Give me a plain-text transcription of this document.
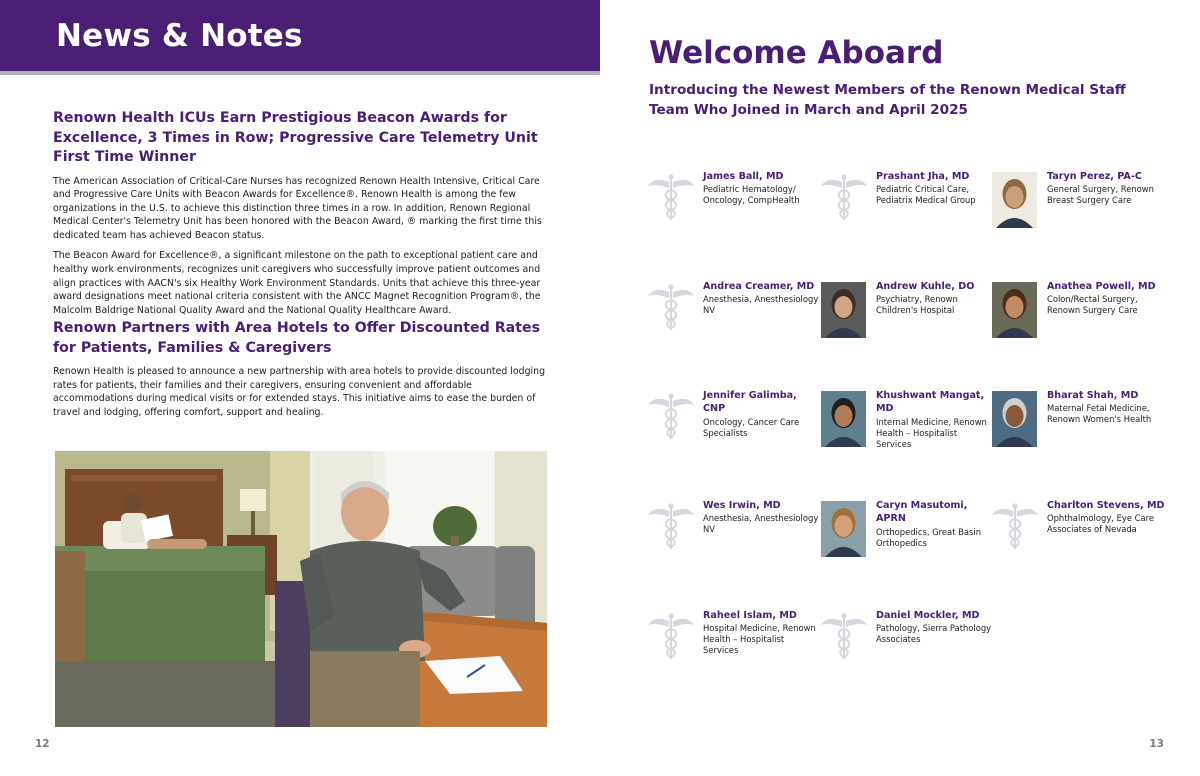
News & Notes
Renown Health ICUs Earn Prestigious Beacon Awards for Excellence, 3 Times in Row; Progressive Care Telemetry Unit First Time Winner

The American Association of Critical-Care Nurses has recognized Renown Health Intensive, Critical Care and Progressive Care Units with Beacon Awards for Excellence®. Renown Health is among the few organizations in the U.S. to achieve this distinction three times in a row. In addition, Renown Regional Medical Center's Telemetry Unit has been honored with the Beacon Award, ® marking the first time this dedicated team has achieved Beacon status.

The Beacon Award for Excellence®, a significant milestone on the path to exceptional patient care and healthy work environments, recognizes unit caregivers who successfully improve patient outcomes and align practices with AACN's six Healthy Work Environment Standards. Units that achieve this three-year award designations meet national criteria consistent with the ANCC Magnet Recognition Program®, the Malcolm Baldrige National Quality Award and the National Quality Healthcare Award.

Renown Partners with Area Hotels to Offer Discounted Rates for Patients, Families & Caregivers

Renown Health is pleased to announce a new partnership with area hotels to provide discounted lodging rates for patients, their families and their caregivers, ensuring convenient and affordable accommodations during medical visits or for extended stays. This initiative aims to ease the burden of travel and lodging, offering comfort, support and healing.

12
Welcome Aboard
Introducing the Newest Members of the Renown Medical Staff Team Who Joined in March and April 2025
James Ball, MD
Pediatric Hematology/ Oncology, CompHealth
Prashant Jha, MD
Pediatric Critical Care, Pediatrix Medical Group
Taryn Perez, PA-C
General Surgery, Renown Breast Surgery Care
Andrea Creamer, MD
Anesthesia, Anesthesiology NV
Andrew Kuhle, DO
Psychiatry, Renown Children's Hospital
Anathea Powell, MD
Colon/Rectal Surgery, Renown Surgery Care
Jennifer Galimba, CNP
Oncology, Cancer Care Specialists
Khushwant Mangat, MD
Internal Medicine, Renown Health – Hospitalist Services
Bharat Shah, MD
Maternal Fetal Medicine, Renown Women's Health
Wes Irwin, MD
Anesthesia, Anesthesiology NV
Caryn Masutomi, APRN
Orthopedics, Great Basin Orthopedics
Charlton Stevens, MD
Ophthalmology, Eye Care Associates of Nevada
Raheel Islam, MD
Hospital Medicine, Renown Health – Hospitalist Services
Daniel Mockler, MD
Pathology, Sierra Pathology Associates
13
